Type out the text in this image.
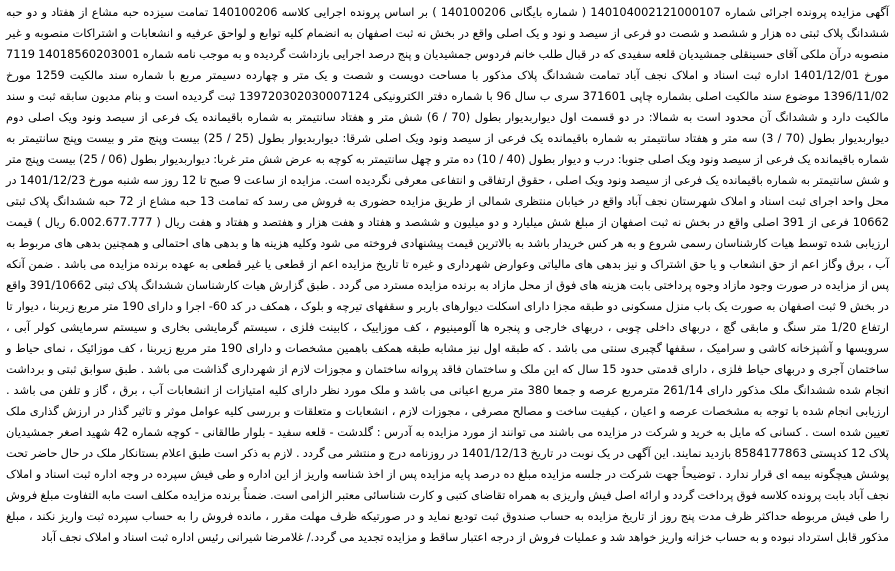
آگهی مزایده پرونده اجرائی شماره 140104002121000107 ( شماره بایگانی 140100206 ) بر اساس پرونده اجرایی کلاسه 140100206 تمامت سیزده حبه مشاع از هفتاد و دو حبه ششدانگ پلاک ثبتی ده هزار و ششصد و شصت دو فرعی از سیصد و نود و یک اصلی واقع در بخش نه ثبت اصفهان به انضمام کلیه توابع و لواحق عرفیه و انشعابات و اشتراکات منصوبه و غیر منصوبه درآن ملکی آقای حسینقلی جمشیدیان قلعه سفیدی که در قبال طلب خانم فردوس جمشیدیان و پنج درصد اجرایی بازداشت گردیده و به موجب نامه شماره 14018560203001 7119 مورخ 1401/12/01 اداره ثبت اسناد و املاک نجف آباد تمامت ششدانگ پلاک مذکور با مساحت دویست و شصت و یک متر و چهارده دسیمتر مربع با شماره سند مالکیت 1259 مورخ 1396/11/02 موضوع سند مالکیت اصلی بشماره چاپی 371601 سری ب سال 96 با شماره دفتر الکترونیکی 139720302030007124 ثبت گردیده است و بنام مدیون سابقه ثبت و سند مالکیت دارد و ششدانگ آن محدود است به شمالا: در دو قسمت اول دیواربدیوار بطول (70 / 6) شش متر و هفتاد سانتیمتر به شماره باقیمانده یک فرعی از سیصد ونود ویک اصلی دوم دیواربدیوار بطول (70 / 3) سه متر و هفتاد سانتیمتر به شماره باقیمانده یک فرعی از سیصد ونود ویک اصلی شرقا: دیواربدیوار بطول (25 / 25) بیست وپنج متر و بیست وپنج سانتیمتر به شماره باقیمانده یک فرعی از سیصد ونود ویک اصلی جنوبا: درب و دیوار بطول (40 / 10) ده متر و چهل سانتیمتر به کوچه به عرض شش متر غربا: دیواربدیوار بطول (06 / 25) بیست وپنج متر و شش سانتیمتر به شماره باقیمانده یک فرعی از سیصد ونود ویک اصلی ، حقوق ارتفاقی و انتفاعی معرفی نگردیده است. مزایده از ساعت 9 صبح تا 12 روز سه شنبه مورخ 1401/12/23 در محل واحد اجرای ثبت اسناد و املاک شهرستان نجف آباد واقع در خیابان منتظری شمالی از طریق مزایده حضوری به فروش می رسد که تمامت 13 حبه مشاع از 72 حبه ششدانگ پلاک ثبتی 10662 فرعی از 391 اصلی واقع در بخش نه ثبت اصفهان از مبلغ شش میلیارد و دو میلیون و ششصد و هفتاد و هفت هزار و هفتصد و هفتاد و هفت ریال ( 6.002.677.777 ریال ) قیمت ارزیابی شده توسط هیات کارشناسان رسمی شروع و به هر کس خریدار باشد به بالاترین قیمت پیشنهادی فروخته می شود وکلیه هزینه ها و بدهی های احتمالی و همچنین بدهی های مربوط به آب ، برق وگاز اعم از حق انشعاب و یا حق اشتراک و نیز بدهی های مالیاتی وعوارض شهرداری و غیره تا تاریخ مزایده اعم از قطعی یا غیر قطعی به عهده برنده مزایده می باشد . ضمن آنکه پس از مزایده در صورت وجود مازاد وجوه پرداختی بابت هزینه های فوق از محل مازاد به برنده مزایده مسترد می گردد . طبق گزارش هیات کارشناسان ششدانگ پلاک ثبتی 391/10662 واقع در بخش 9 ثبت اصفهان به صورت یک باب منزل مسکونی دو طبقه مجزا دارای اسکلت دیوارهای باربر و سقفهای تیرچه و بلوک ، همکف در کد 60- اجرا و دارای 190 متر مربع زیربنا ، دیوار تا ارتفاع 1/20 متر سنگ و مابقی گچ ، دربهای داخلی چوبی ، دربهای خارجی و پنجره ها آلومینیوم ، کف موزاییک ، کابینت فلزی ، سیستم گرمایشی بخاری و سیستم سرمایشی کولر آبی ، سرویسها و آشپزخانه کاشی و سرامیک ، سقفها گچبری سنتی می باشد . که طبقه اول نیز مشابه طبقه همکف باهمین مشخصات و دارای 190 متر مربع زیربنا ، کف موزائیک ، نمای حیاط و ساختمان آجری و دربهای حیاط فلزی ، دارای قدمتی حدود 15 سال که این ملک و ساختمان فاقد پروانه ساختمان و مجوزات لازم از شهرداری گذاشت می باشد . طبق سوابق ثبتی و برداشت انجام شده ششدانگ ملک مذکور دارای 261/14 مترمربع عرصه و جمعا 380 متر مربع اعیانی می باشد و ملک مورد نظر دارای کلیه امتیازات از انشعابات آب ، برق ، گاز و تلفن می باشد . ارزیابی انجام شده با توجه به مشخصات عرصه و اعیان ، کیفیت ساخت و مصالح مصرفی ، مجوزات لازم ، انشعابات و متعلقات و بررسی کلیه عوامل موثر و تاثیر گذار در ارزش گذاری ملک تعیین شده است . کسانی که مایل به خرید و شرکت در مزایده می باشند می توانند از مورد مزایده به آدرس : گلدشت - قلعه سفید - بلوار طالقانی - کوچه شماره 42 شهید اصغر جمشیدیان پلاک 12 کدپستی 8584177863 بازدید نمایند. این آگهی در یک نوبت در تاریخ 1401/12/13 در روزنامه درج و منتشر می گردد . لازم به ذکر است طبق اعلام بستانکار ملک در حال حاضر تحت پوشش هیچگونه بیمه ای قرار ندارد . توضیحاً جهت شرکت در جلسه مزایده مبلغ ده درصد پایه مزایده پس از اخذ شناسه واریز از این اداره و طی فیش سپرده در وجه اداره ثبت اسناد و املاک نجف آباد بابت پرونده کلاسه فوق پرداخت گردد و ارائه اصل فیش واریزی به همراه تقاضای کتبی و کارت شناسائی معتبر الزامی است. ضمناً برنده مزایده مکلف است مابه التفاوت مبلغ فروش را طی فیش مربوطه حداکثر ظرف مدت پنج روز از تاریخ مزایده به حساب صندوق ثبت تودیع نماید و در صورتیکه ظرف مهلت مقرر ، مانده فروش را به حساب سپرده ثبت واریز نکند ، مبلغ مذکور قابل استرداد نبوده و به حساب خزانه واریز خواهد شد و عملیات فروش از درجه اعتبار ساقط و مزایده تجدید می گردد./ غلامرضا شیرانی رئیس اداره ثبت اسناد و املاک نجف آباد
